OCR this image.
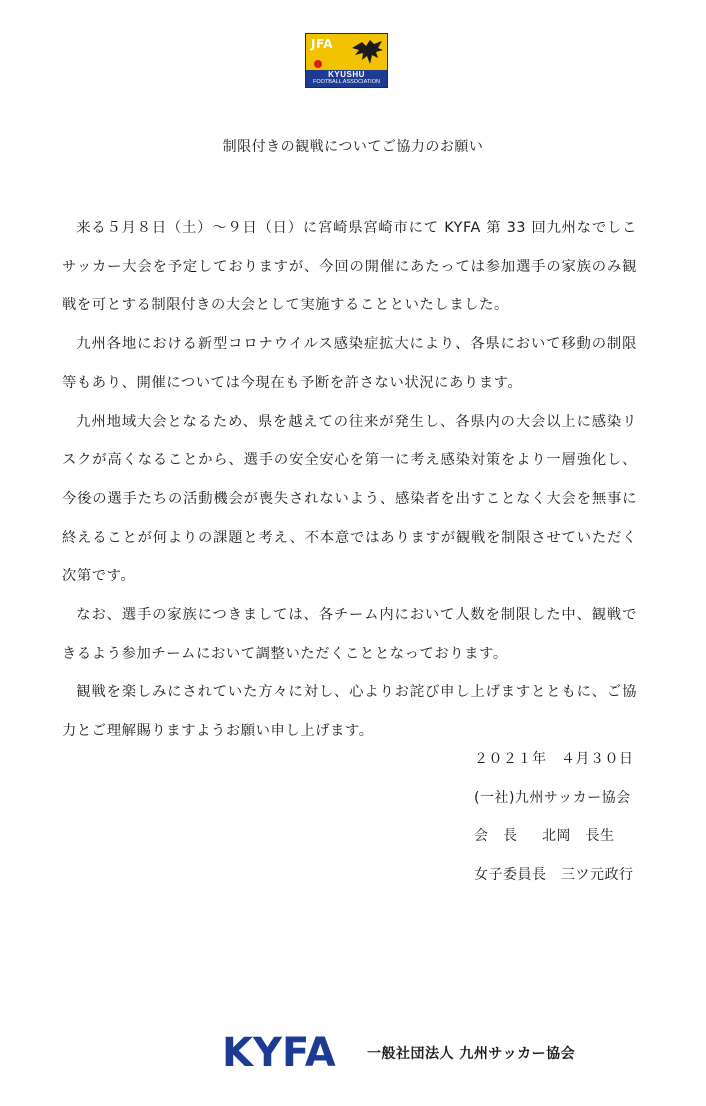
JFA
KYUSHU
FOOTBALL ASSOCIATION
制限付きの観戦についてご協力のお願い

来る５月８日（土）〜９日（日）に宮崎県宮崎市にて KYFA 第 33 回九州なでしこサッカー大会を予定しておりますが、今回の開催にあたっては参加選手の家族のみ観戦を可とする制限付きの大会として実施することといたしました。

九州各地における新型コロナウイルス感染症拡大により、各県において移動の制限等もあり、開催については今現在も予断を許さない状況にあります。

九州地域大会となるため、県を越えての往来が発生し、各県内の大会以上に感染リスクが高くなることから、選手の安全安心を第一に考え感染対策をより一層強化し、今後の選手たちの活動機会が喪失されないよう、感染者を出すことなく大会を無事に終えることが何よりの課題と考え、不本意ではありますが観戦を制限させていただく次第です。

なお、選手の家族につきましては、各チーム内において人数を制限した中、観戦できるよう参加チームにおいて調整いただくこととなっております。

観戦を楽しみにされていた方々に対し、心よりお詫び申し上げますとともに、ご協力とご理解賜りますようお願い申し上げます。

２０２１年　４月３０日
(一社)九州サッカー協会
会　長 北岡　長生
女子委員長　三ツ元政行
KYFA 一般社団法人 九州サッカー協会
